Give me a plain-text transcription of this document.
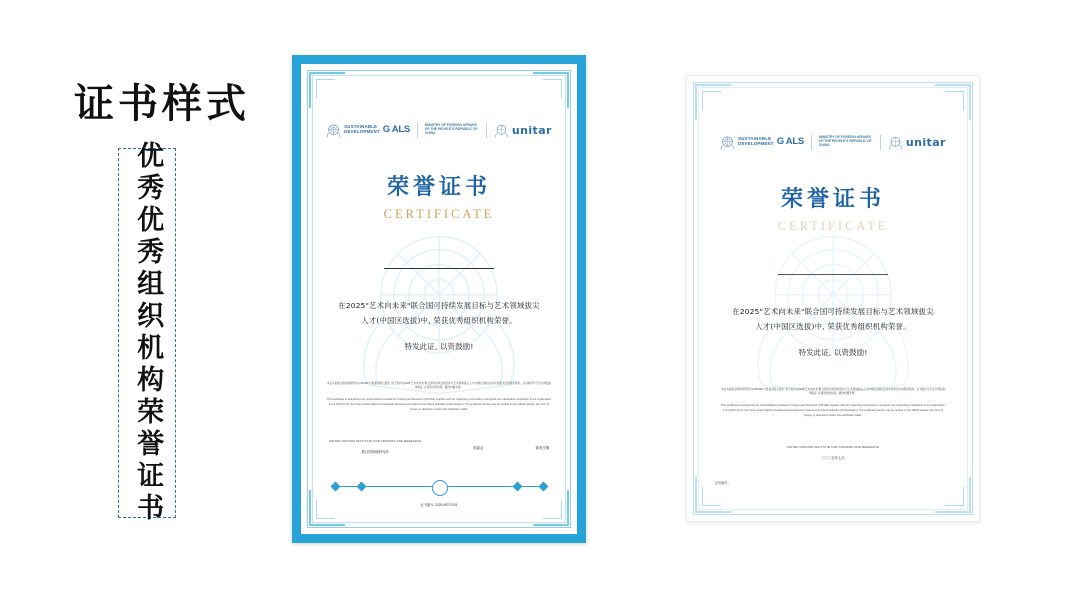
证书样式
优秀优秀组织机构荣誉证书
SUSTAINABLE
DEVELOPMENT G ALS	MINISTRY OF FOREIGN AFFAIRS OF THE PEOPLE'S REPUBLIC OF CHINA	unitar
荣誉证书
CERTIFICATE
在2025"艺术向未来"联合国可持续发展目标与艺术领域拔尖人才(中国区选拔)中, 荣获优秀组织机构荣誉。
特发此证, 以资鼓励!
本证书由联合国训练研究所(UNITAR)与组委会联合颁发, 用于表彰在2025"艺术向未来"联合国可持续发展目标与艺术领域拔尖人才(中国区选拔)活动中表现突出的组织机构。证书编号可于官方网站查询验证, 任何形式的伪造、篡改均属无效。
This Certificate is awarded by the United Nations Institute for Training and Research (UNITAR) together with the Organizing Committee to recognize the outstanding contribution of the organization in the 2025 Art for the Future United Nations Sustainable Development Goals and Art Talent Selection (China Region). The certificate number may be verified on the official website. Any form of forgery or alteration renders this certificate invalid.
UNITED NATIONS INSTITUTE FOR TRAINING AND RESEARCH
联合国训练研究所
组委会	颁发日期
证书编号: 2025-ART-0001
SUSTAINABLE
DEVELOPMENT G ALS	MINISTRY OF FOREIGN AFFAIRS OF THE PEOPLE'S REPUBLIC OF CHINA	unitar
荣誉证书
CERTIFICATE
在2025"艺术向未来"联合国可持续发展目标与艺术领域拔尖人才(中国区选拔)中, 荣获优秀组织机构荣誉。
特发此证, 以资鼓励!
本证书由联合国训练研究所(UNITAR)与组委会联合颁发, 用于表彰在2025"艺术向未来"联合国可持续发展目标与艺术领域拔尖人才(中国区选拔)活动中表现突出的组织机构。证书编号可于官方网站查询验证, 任何形式的伪造、篡改均属无效。
This Certificate is awarded by the United Nations Institute for Training and Research (UNITAR) together with the Organizing Committee to recognize the outstanding contribution of the organization in the 2025 Art for the Future United Nations Sustainable Development Goals and Art Talent Selection (China Region). The certificate number may be verified on the official website. Any form of forgery or alteration renders this certificate invalid.
UNITED NATIONS INSTITUTE FOR TRAINING AND RESEARCH
二〇二五年七月
证书编号:
